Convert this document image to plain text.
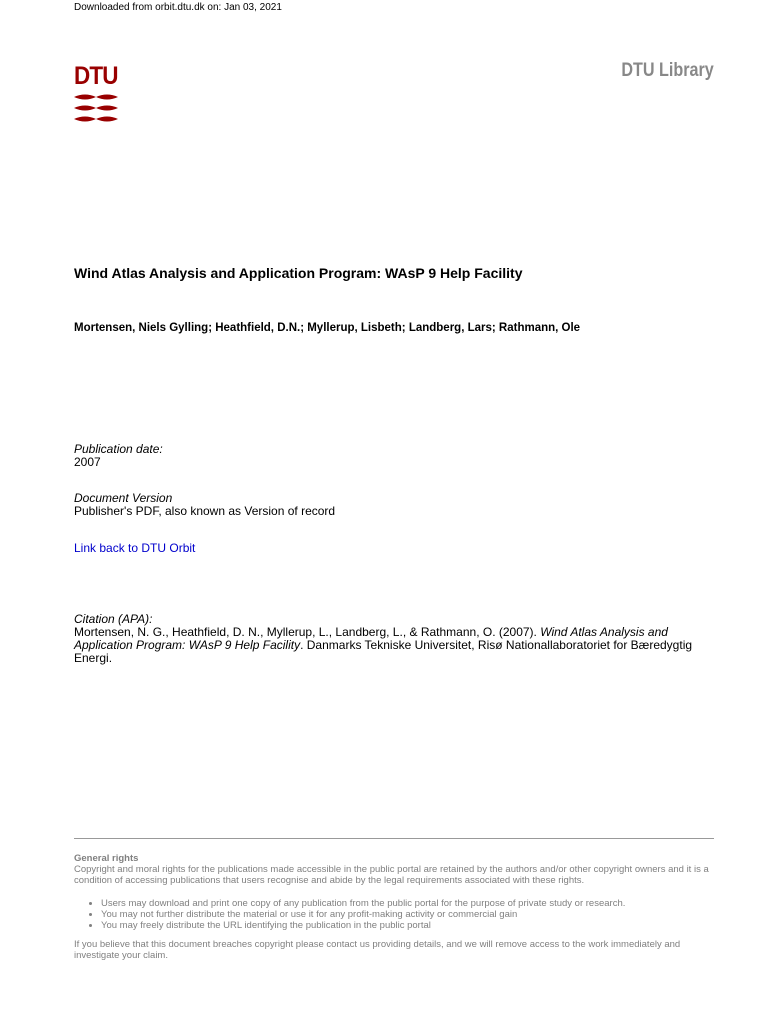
Downloaded from orbit.dtu.dk on: Jan 03, 2021
DTU	DTU Library
Wind Atlas Analysis and Application Program: WAsP 9 Help Facility
Mortensen, Niels Gylling; Heathfield, D.N.; Myllerup, Lisbeth; Landberg, Lars; Rathmann, Ole
Publication date:
2007
Document Version
Publisher's PDF, also known as Version of record
Link back to DTU Orbit
Citation (APA):
Mortensen, N. G., Heathfield, D. N., Myllerup, L., Landberg, L., & Rathmann, O. (2007). Wind Atlas Analysis and Application Program: WAsP 9 Help Facility. Danmarks Tekniske Universitet, Risø Nationallaboratoriet for Bæredygtig Energi.
General rights
Copyright and moral rights for the publications made accessible in the public portal are retained by the authors and/or other copyright owners and it is a condition of accessing publications that users recognise and abide by the legal requirements associated with these rights.
• Users may download and print one copy of any publication from the public portal for the purpose of private study or research.
• You may not further distribute the material or use it for any profit-making activity or commercial gain
• You may freely distribute the URL identifying the publication in the public portal
If you believe that this document breaches copyright please contact us providing details, and we will remove access to the work immediately and investigate your claim.
